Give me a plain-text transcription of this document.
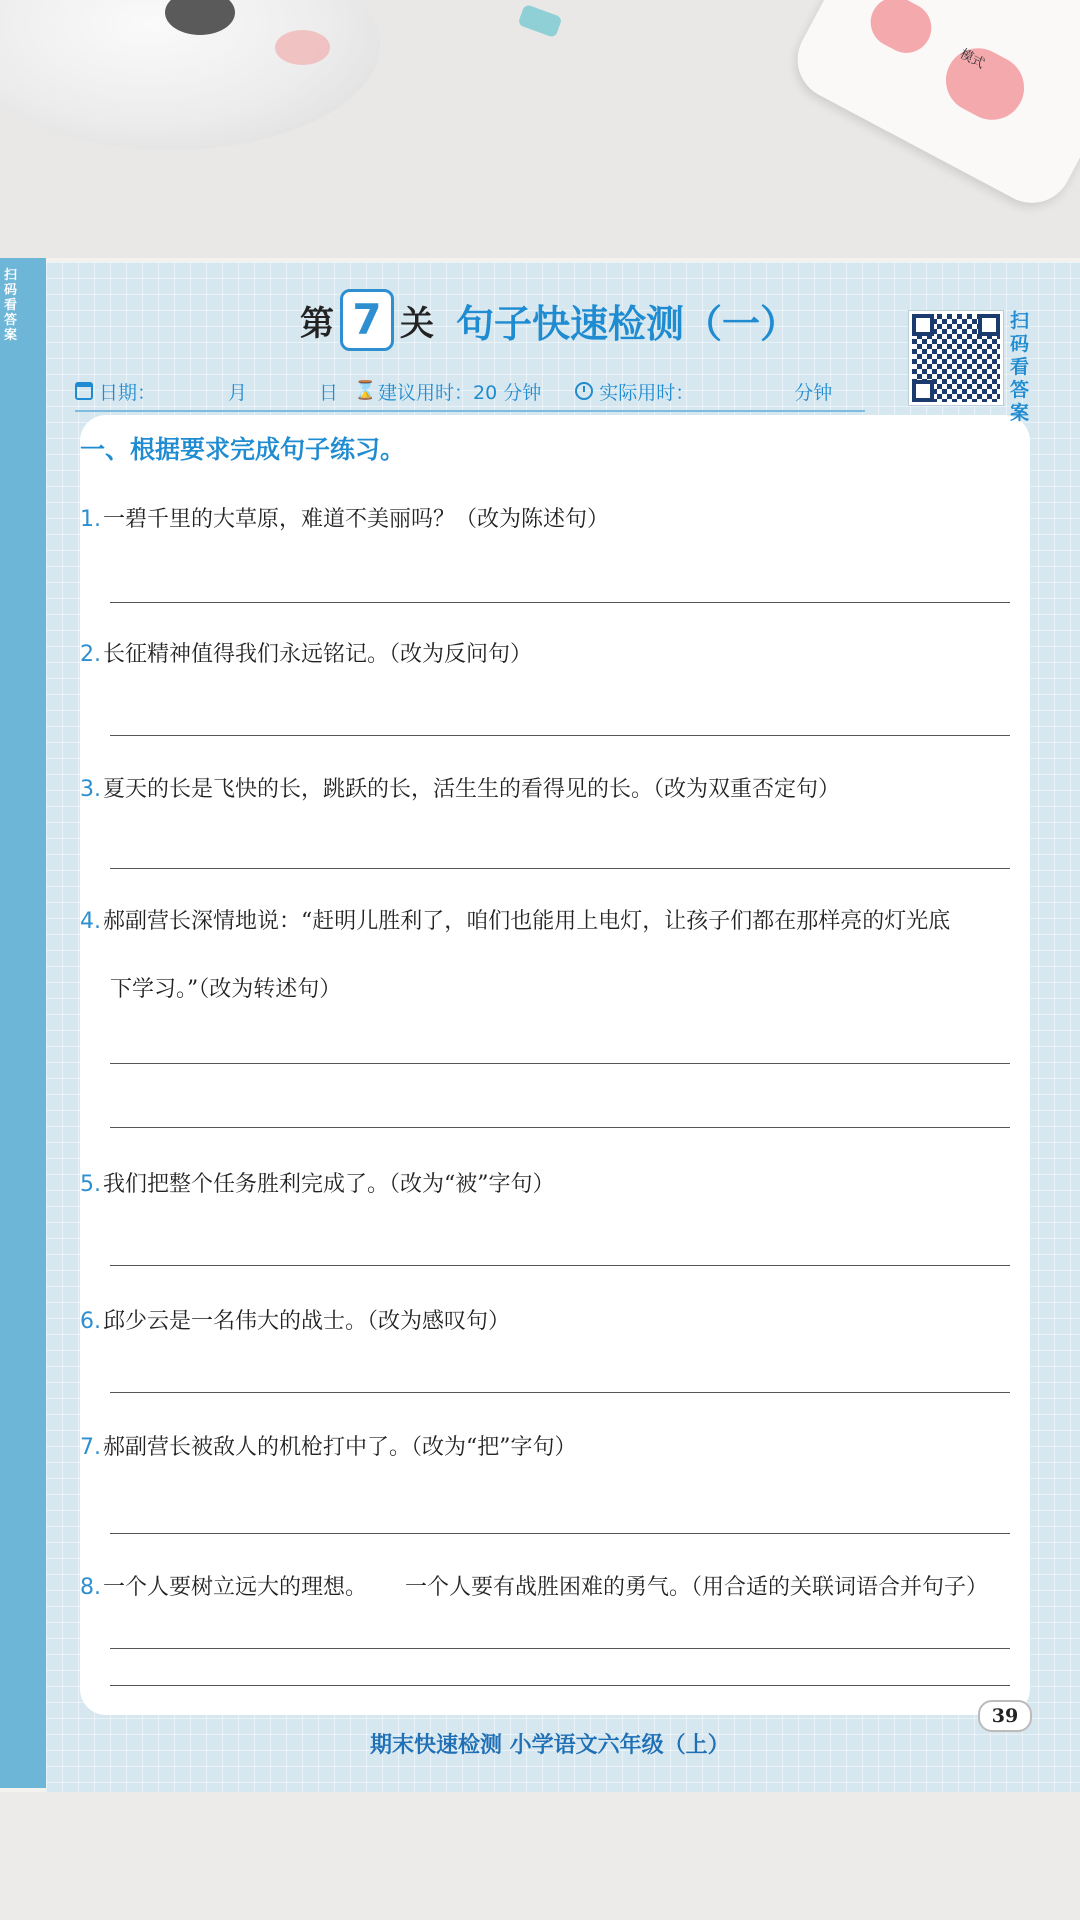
模式
扫码看答案	第 7 关 句子快速检测（一）	扫码看答案
日期：	月	日 ⌛ 建议用时：20 分钟	实际用时：	分钟
一、根据要求完成句子练习。
1.一碧千里的大草原，难道不美丽吗？（改为陈述句）
2.长征精神值得我们永远铭记。（改为反问句）
3.夏天的长是飞快的长，跳跃的长，活生生的看得见的长。（改为双重否定句）
4.郝副营长深情地说：“赶明儿胜利了，咱们也能用上电灯，让孩子们都在那样亮的灯光底
下学习。”（改为转述句）
5.我们把整个任务胜利完成了。（改为“被”字句）
6.邱少云是一名伟大的战士。（改为感叹句）
7.郝副营长被敌人的机枪打中了。（改为“把”字句）
8.一个人要树立远大的理想。 一个人要有战胜困难的勇气。（用合适的关联词语合并句子）
39
期末快速检测 小学语文六年级（上）
